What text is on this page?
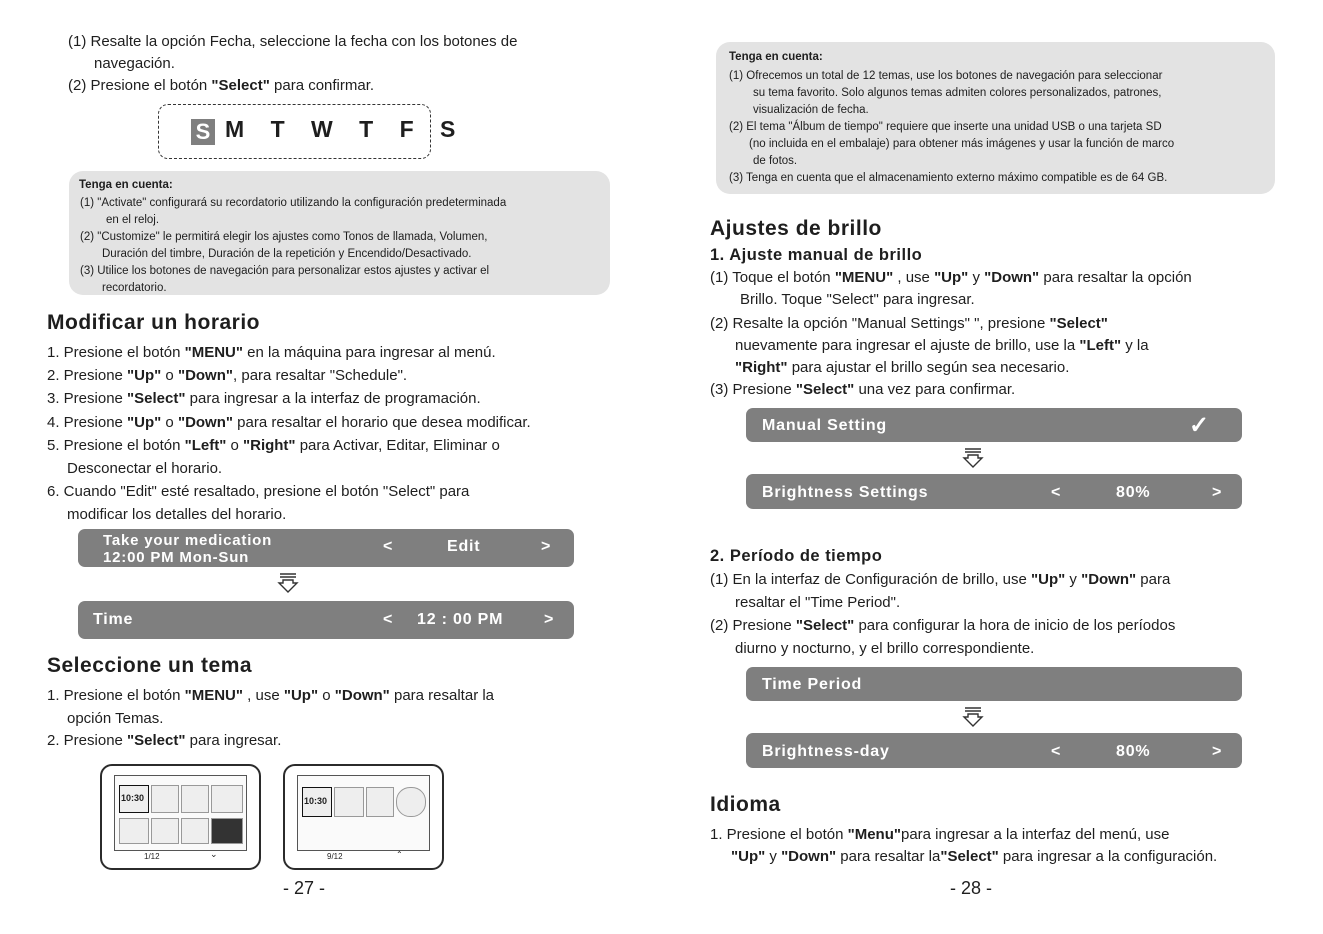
(1) Resalte la opción Fecha, seleccione la fecha con los botones de
navegación.
(2) Presione el botón "Select" para confirmar.
S M T W T F S
Tenga en cuenta:
(1) "Activate" configurará su recordatorio utilizando la configuración predeterminada
en el reloj.
(2) "Customize" le permitirá elegir los ajustes como Tonos de llamada, Volumen,
Duración del timbre, Duración de la repetición y Encendido/Desactivado.
(3) Utilice los botones de navegación para personalizar estos ajustes y activar el
recordatorio.
Modificar un horario
1. Presione el botón "MENU" en la máquina para ingresar al menú.
2. Presione "Up" o "Down", para resaltar "Schedule".
3. Presione "Select" para ingresar a la interfaz de programación.
4. Presione "Up" o "Down" para resaltar el horario que desea modificar.
5. Presione el botón "Left" o "Right" para Activar, Editar, Eliminar o
Desconectar el horario.
6. Cuando "Edit" esté resaltado, presione el botón "Select" para
modificar los detalles del horario.
Take your medication
12:00 PM Mon-Sun
<	Edit	>
Time	< 12 : 00 PM	>
Seleccione un tema
1. Presione el botón "MENU" , use "Up" o "Down" para resaltar la
opción Temas.
2. Presione "Select" para ingresar.
10:30
1/12	⌄
10:30
9/12	⌃
- 27 -
Tenga en cuenta:
(1) Ofrecemos un total de 12 temas, use los botones de navegación para seleccionar
su tema favorito. Solo algunos temas admiten colores personalizados, patrones,
visualización de fecha.
(2) El tema "Álbum de tiempo" requiere que inserte una unidad USB o una tarjeta SD
(no incluida en el embalaje) para obtener más imágenes y usar la función de marco
de fotos.
(3) Tenga en cuenta que el almacenamiento externo máximo compatible es de 64 GB.
Ajustes de brillo
1. Ajuste manual de brillo
(1) Toque el botón "MENU" , use "Up" y "Down" para resaltar la opción
Brillo. Toque "Select" para ingresar.
(2) Resalte la opción "Manual Settings" ", presione "Select"
nuevamente para ingresar el ajuste de brillo, use la "Left" y la
"Right" para ajustar el brillo según sea necesario.
(3) Presione "Select" una vez para confirmar.
Manual Setting	✓
Brightness Settings	<	80%	>
2. Período de tiempo
(1) En la interfaz de Configuración de brillo, use "Up" y "Down" para
resaltar el "Time Period".
(2) Presione "Select" para configurar la hora de inicio de los períodos
diurno y nocturno, y el brillo correspondiente.
Time Period
Brightness-day	<	80%	>
Idioma
1. Presione el botón "Menu"para ingresar a la interfaz del menú, use
"Up" y "Down" para resaltar la"Select" para ingresar a la configuración.
- 28 -
